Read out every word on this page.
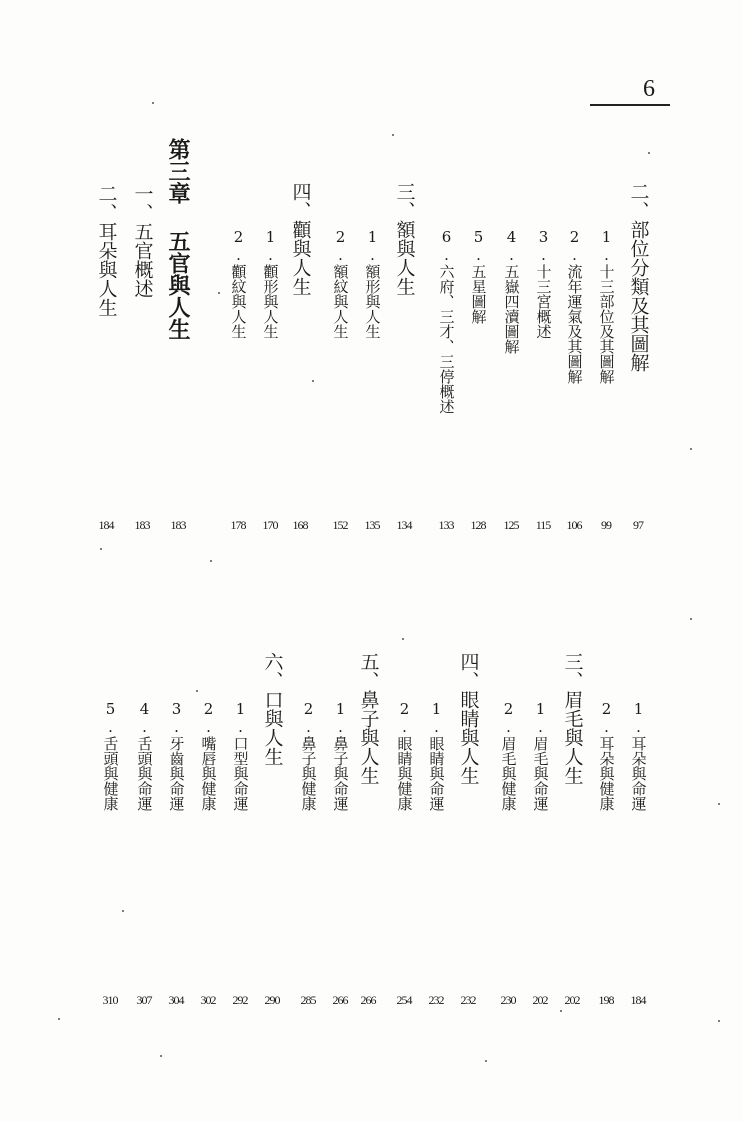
6
二、部位分類及其圖解
97
1.十三部位及其圖解
99
2.流年運氣及其圖解
106
3.十三宮概述
115
4.五嶽四瀆圖解
125
5.五星圖解
128
6.六府、三才、三停概述
133
三、額與人生
134
1.額形與人生
135
2.額紋與人生
152
四、顴與人生
168
1.顴形與人生
170
2.顴紋與人生
178
第三章 五官與人生
183
一、五官概述
183
二、耳朵與人生
184
1.耳朵與命運
184
2.耳朵與健康
198
三、眉毛與人生
202
1.眉毛與命運
202
2.眉毛與健康
230
四、眼睛與人生
232
1.眼睛與命運
232
2.眼睛與健康
254
五、鼻子與人生
266
1.鼻子與命運
266
2.鼻子與健康
285
六、口與人生
290
1.口型與命運
292
2.嘴唇與健康
302
3.牙齒與命運
304
4.舌頭與命運
307
5.舌頭與健康
310
